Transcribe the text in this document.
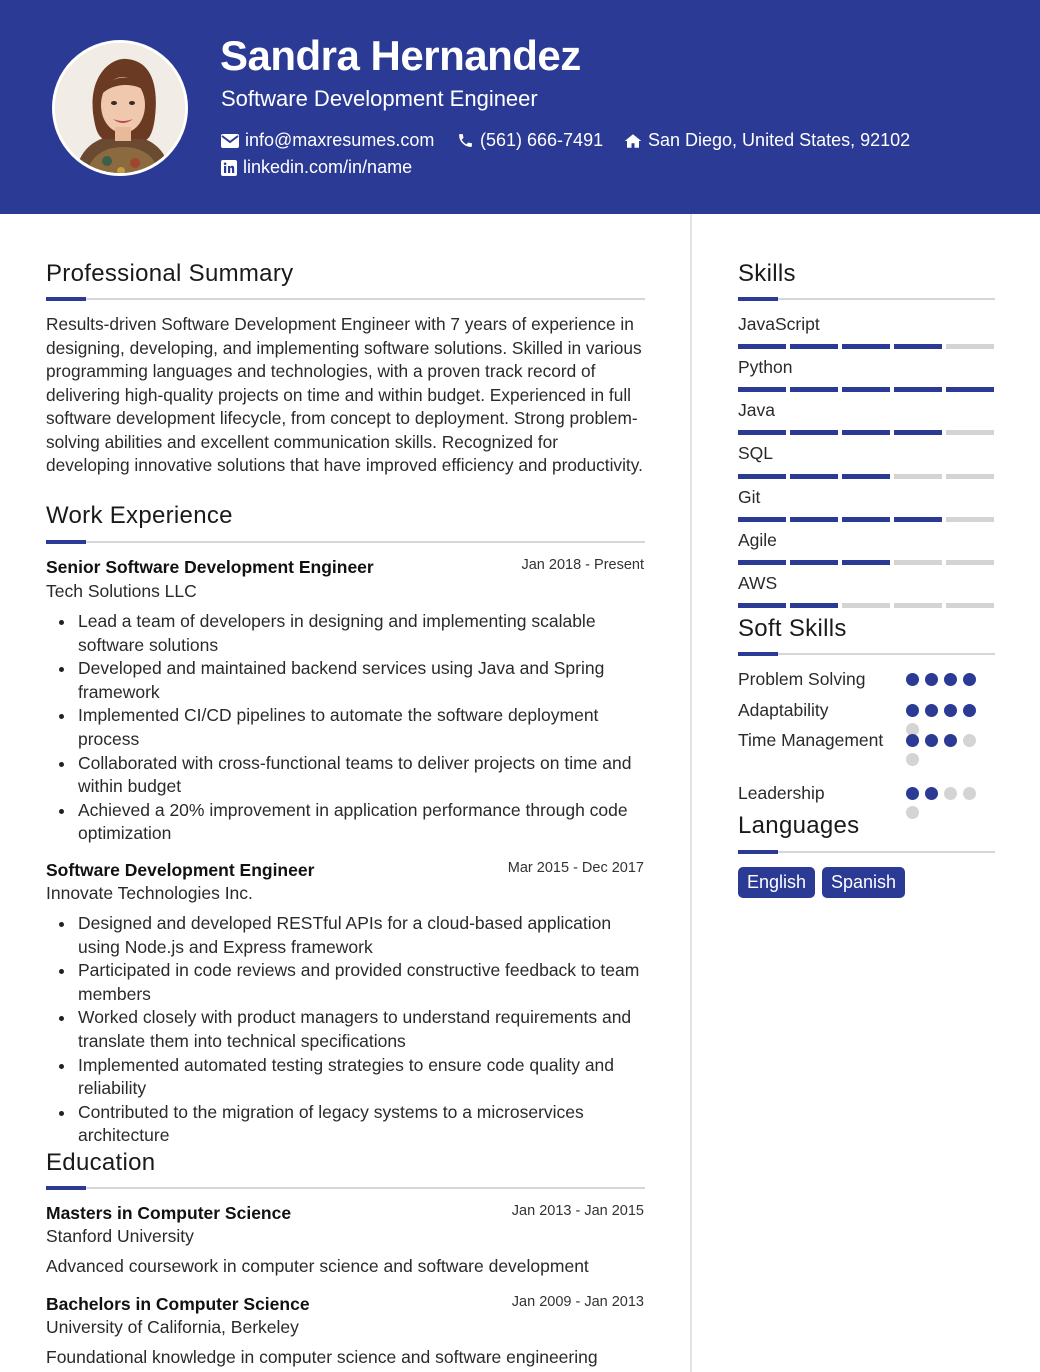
Sandra Hernandez
Software Development Engineer
info@maxresumes.com	(561) 666-7491 San Diego, United States, 92102
linkedin.com/in/name
Professional Summary
Results-driven Software Development Engineer with 7 years of experience in designing, developing, and implementing software solutions. Skilled in various programming languages and technologies, with a proven track record of delivering high-quality projects on time and within budget. Experienced in full software development lifecycle, from concept to deployment. Strong problem-solving abilities and excellent communication skills. Recognized for developing innovative solutions that have improved efficiency and productivity.
Work Experience
Senior Software Development Engineer	Jan 2018 - Present
Tech Solutions LLC
Lead a team of developers in designing and implementing scalable software solutions
Developed and maintained backend services using Java and Spring framework
Implemented CI/CD pipelines to automate the software deployment process
Collaborated with cross-functional teams to deliver projects on time and within budget
Achieved a 20% improvement in application performance through code optimization
Software Development Engineer	Mar 2015 - Dec 2017
Innovate Technologies Inc.
Designed and developed RESTful APIs for a cloud-based application using Node.js and Express framework
Participated in code reviews and provided constructive feedback to team members
Worked closely with product managers to understand requirements and translate them into technical specifications
Implemented automated testing strategies to ensure code quality and reliability
Contributed to the migration of legacy systems to a microservices architecture
Education
Masters in Computer Science	Jan 2013 - Jan 2015
Stanford University
Advanced coursework in computer science and software development
Bachelors in Computer Science	Jan 2009 - Jan 2013
University of California, Berkeley
Foundational knowledge in computer science and software engineering
Skills
JavaScript
Python
Java
SQL
Git
Agile
AWS
Soft Skills
Problem Solving
Adaptability
Time Management
Leadership
Languages
English	Spanish
